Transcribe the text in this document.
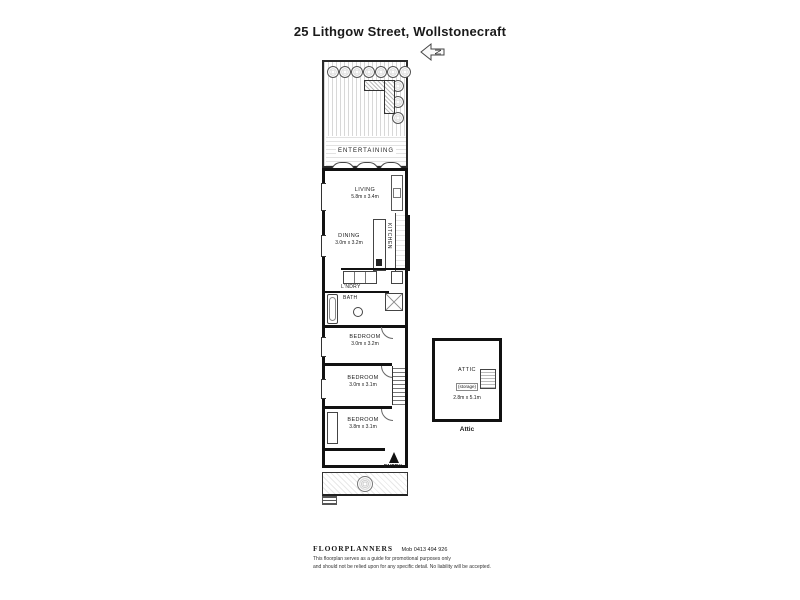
25 Lithgow Street, Wollstonecraft
N
ENTERTAINING
LIVING
5.8m x 3.4m
DINING
3.0m x 3.2m	KITCHEN
L'NDRY
BATH
BEDROOM
3.0m x 3.2m
BEDROOM
3.0m x 3.1m
BEDROOM
3.8m x 3.1m
ENTRY
ATTIC
(storage)
2.8m x 5.1m
Attic
FLOORPLANNERS Mob 0413 494 926
This floorplan serves as a guide for promotional purposes only
and should not be relied upon for any specific detail. No liability will be accepted.
